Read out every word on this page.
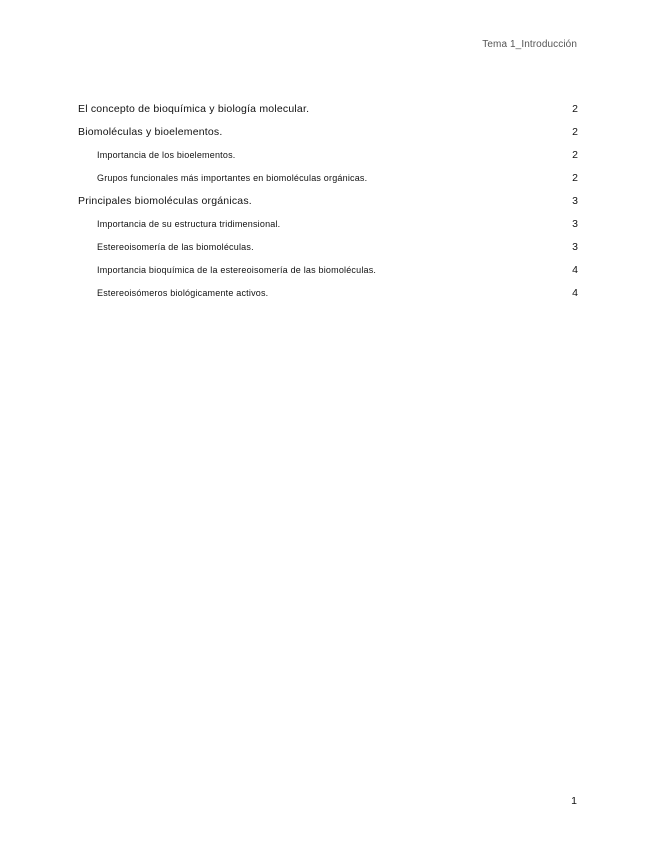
Tema 1_Introducción
El concepto de bioquímica y biología molecular.	2
Biomoléculas y bioelementos.	2
Importancia de los bioelementos.	2
Grupos funcionales más importantes en biomoléculas orgánicas.	2
Principales biomoléculas orgánicas.	3
Importancia de su estructura tridimensional.	3
Estereoisomería de las biomoléculas.	3
Importancia bioquímica de la estereoisomería de las biomoléculas.	4
Estereoisómeros biológicamente activos.	4
1
